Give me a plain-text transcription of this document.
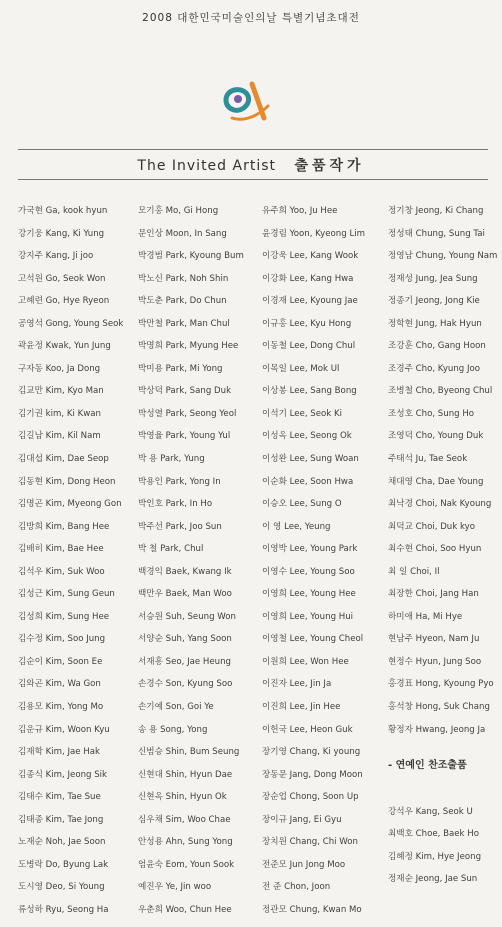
2008 대한민국미술인의날 특별기념초대전
The Invited Artist 출품작가
가국현 Ga, kook hyun
강기웅 Kang, Ki Yung
강지주 Kang, Ji joo
고석원 Go, Seok Won
고혜련 Go, Hye Ryeon
공영석 Gong, Young Seok
곽윤정 Kwak, Yun Jung
구자동 Koo, Ja Dong
김교만 Kim, Kyo Man
김기권 kim, Ki Kwan
김길남 Kim, Kil Nam
김대섭 Kim, Dae Seop
김동현 Kim, Dong Heon
김명곤 Kim, Myeong Gon
김방희 Kim, Bang Hee
김배히 Kim, Bae Hee
김석우 Kim, Suk Woo
김성근 Kim, Sung Geun
김성희 Kim, Sung Hee
김수정 Kim, Soo Jung
김순이 Kim, Soon Ee
김와곤 Kim, Wa Gon
김용모 Kim, Yong Mo
김운규 Kim, Woon Kyu
김재학 Kim, Jae Hak
김종식 Kim, Jeong Sik
김태수 Kim, Tae Sue
김태종 Kim, Tae Jong
노재순 Noh, Jae Soon
도병락 Do, Byung Lak
도시영 Deo, Si Young
류성하 Ryu, Seong Ha
모기홍 Mo, Gi Hong
문인상 Moon, In Sang
박경범 Park, Kyoung Bum
박노신 Park, Noh Shin
박도춘 Park, Do Chun
박만철 Park, Man Chul
박명희 Park, Myung Hee
박미용 Park, Mi Yong
박상덕 Park, Sang Duk
박성열 Park, Seong Yeol
박영율 Park, Young Yul
박 용 Park, Yung
박용인 Park, Yong In
박인호 Park, In Ho
박주선 Park, Joo Sun
박 철 Park, Chul
백경익 Baek, Kwang Ik
백만우 Baek, Man Woo
서승원 Suh, Seung Won
서양순 Suh, Yang Soon
서재흥 Seo, Jae Heung
손경수 Son, Kyung Soo
손기예 Son, Goi Ye
송 용 Song, Yong
신범승 Shin, Bum Seung
신현대 Shin, Hyun Dae
신현옥 Shin, Hyun Ok
심우채 Sim, Woo Chae
안성용 Ahn, Sung Yong
엄윤숙 Eom, Youn Sook
예진우 Ye, Jin woo
우춘희 Woo, Chun Hee
유주희 Yoo, Ju Hee
윤경림 Yoon, Kyeong Lim
이강욱 Lee, Kang Wook
이강화 Lee, Kang Hwa
이경재 Lee, Kyoung Jae
이규홍 Lee, Kyu Hong
이동철 Lee, Dong Chul
이목일 Lee, Mok Ul
이상봉 Lee, Sang Bong
이석기 Lee, Seok Ki
이성옥 Lee, Seong Ok
이성완 Lee, Sung Woan
이순화 Lee, Soon Hwa
이승오 Lee, Sung O
이 영 Lee, Yeung
이영박 Lee, Young Park
이영수 Lee, Young Soo
이영희 Lee, Young Hee
이영희 Lee, Young Hui
이영철 Lee, Young Cheol
이원희 Lee, Won Hee
이진자 Lee, Jin Ja
이진희 Lee, Jin Hee
이헌국 Lee, Heon Guk
장기영 Chang, Ki young
장동문 Jang, Dong Moon
장순업 Chong, Soon Up
장이규 Jang, Ei Gyu
장치원 Chang, Chi Won
전준모 Jun Jong Moo
전 준 Chon, Joon
정관모 Chung, Kwan Mo
정기창 Jeong, Ki Chang
정성태 Chung, Sung Tai
정영남 Chung, Young Nam
정재성 Jung, Jea Sung
정종기 Jeong, Jong Kie
정학현 Jung, Hak Hyun
조강훈 Cho, Gang Hoon
조경주 Cho, Kyung Joo
조병철 Cho, Byeong Chul
조성호 Cho, Sung Ho
조영덕 Cho, Young Duk
주태석 Ju, Tae Seok
채대영 Cha, Dae Young
최낙경 Choi, Nak Kyoung
최덕교 Choi, Duk kyo
최수현 Choi, Soo Hyun
최 일 Choi, Il
최장한 Choi, Jang Han
하미애 Ha, Mi Hye
현남주 Hyeon, Nam Ju
현정수 Hyun, Jung Soo
홍경표 Hong, Kyoung Pyo
홍석창 Hong, Suk Chang
황정자 Hwang, Jeong Ja
- 연예인 찬조출품
강석우 Kang, Seok U
최백호 Choe, Baek Ho
김혜정 Kim, Hye Jeong
정재순 Jeong, Jae Sun
